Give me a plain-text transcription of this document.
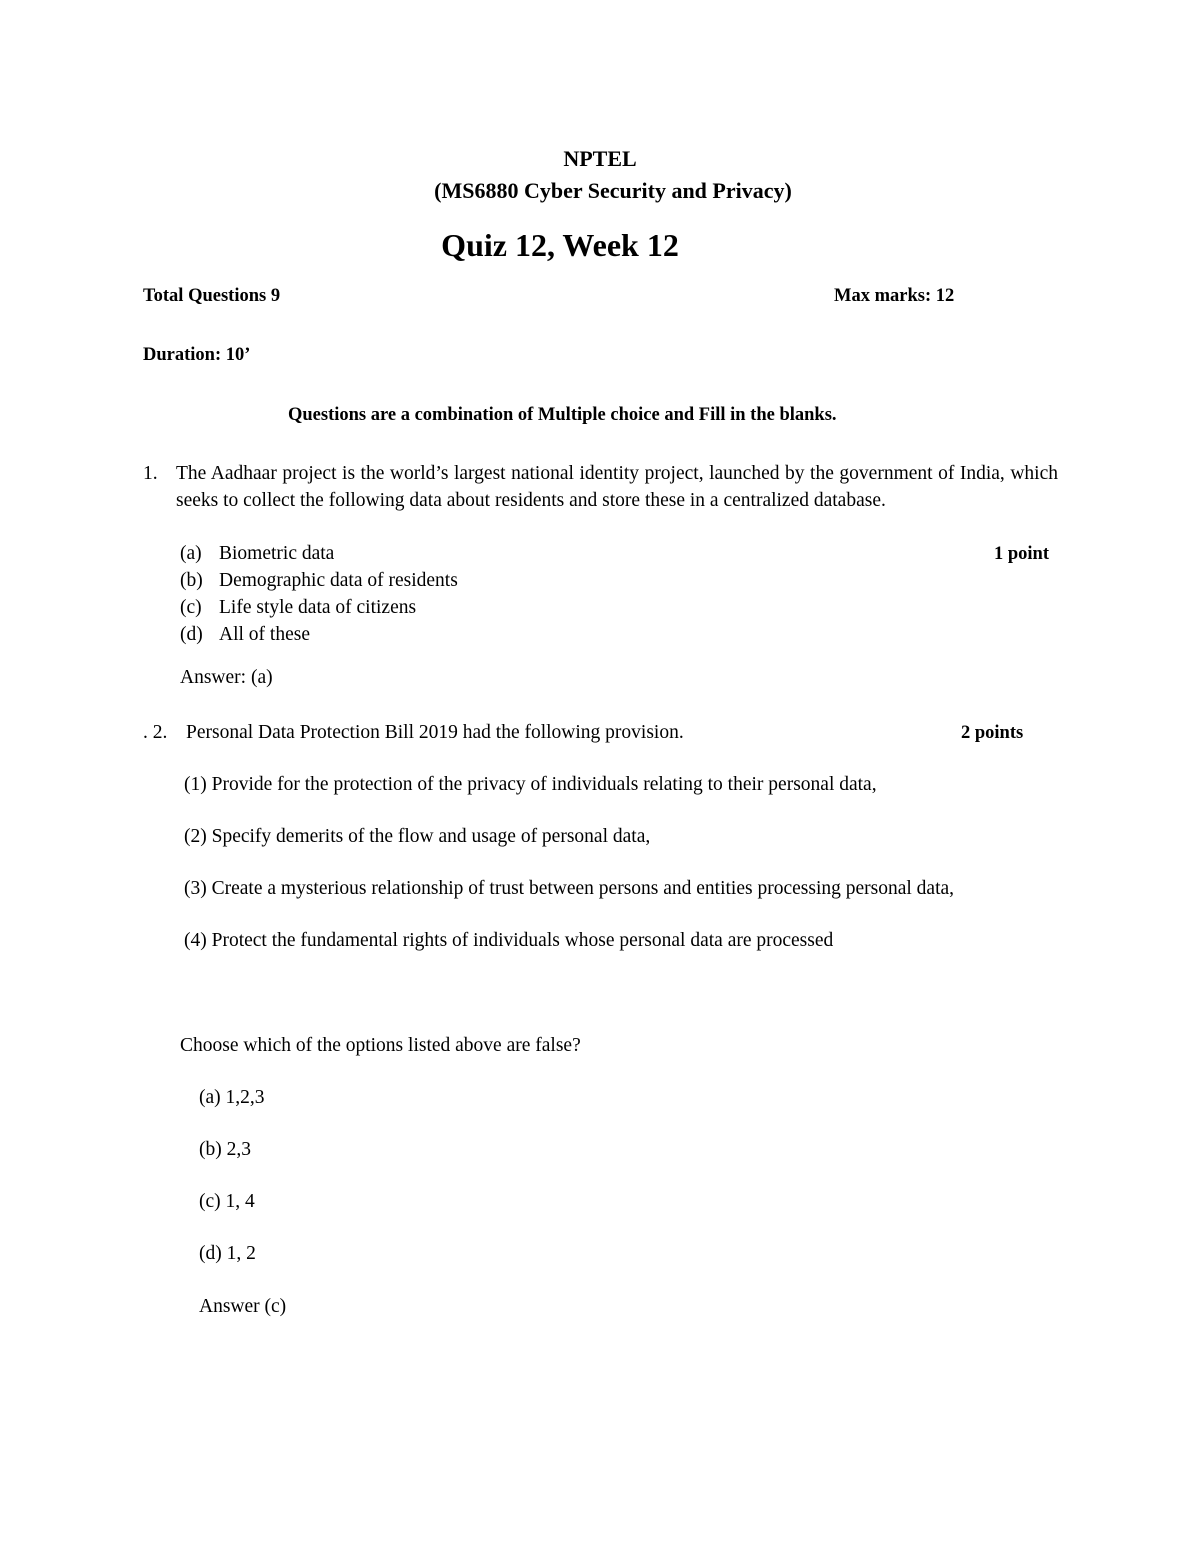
NPTEL
(MS6880 Cyber Security and Privacy)
Quiz 12, Week 12
Total Questions 9	Max marks: 12
Duration: 10’
Questions are a combination of Multiple choice and Fill in the blanks.
1. The Aadhaar project is the world’s largest national identity project, launched by the government of India, which seeks to collect the following data about residents and store these in a centralized database.
(a) Biometric data	1 point
(b) Demographic data of residents
(c) Life style data of citizens
(d) All of these
Answer: (a)
. 2. Personal Data Protection Bill 2019 had the following provision.	2 points
(1) Provide for the protection of the privacy of individuals relating to their personal data,
(2) Specify demerits of the flow and usage of personal data,
(3) Create a mysterious relationship of trust between persons and entities processing personal data,
(4) Protect the fundamental rights of individuals whose personal data are processed
Choose which of the options listed above are false?
(a) 1,2,3
(b) 2,3
(c) 1, 4
(d) 1, 2
Answer (c)
